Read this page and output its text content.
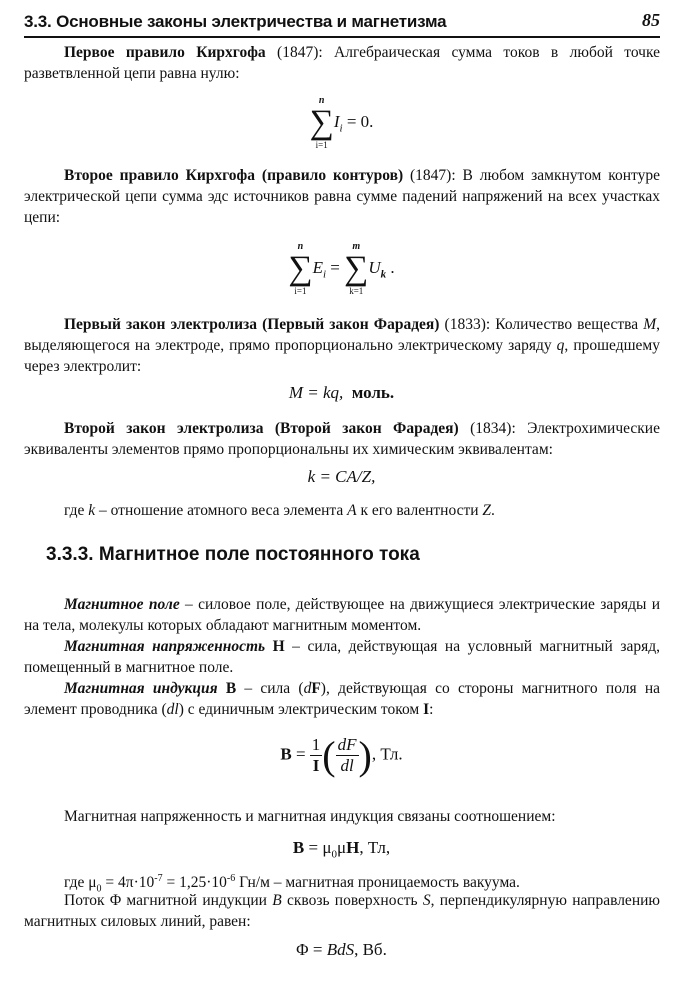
3.3. Основные законы электричества и магнетизма	85
Первое правило Кирхгофа (1847): Алгебраическая сумма токов в любой точке разветвленной цепи равна нулю:
n
∑
i=1
$I_i = 0$.
Второе правило Кирхгофа (правило контуров) (1847): В любом замкнутом контуре электрической цепи сумма эдс источников равна сумме падений напряжений на всех участках цепи:
n
∑
i=1
$E_i$ =
m
∑
k=1
$U_k$ .
Первый закон электролиза (Первый закон Фарадея) (1833): Количество вещества M, выделяющегося на электроде, прямо пропорционально электрическому заряду q, прошедшему через электролит:
M = kq, моль.
Второй закон электролиза (Второй закон Фарадея) (1834): Электрохимические эквиваленты элементов прямо пропорциональны их химическим эквивалентам:
k = CA/Z,
где k – отношение атомного веса элемента A к его валентности Z.
3.3.3. Магнитное поле постоянного тока
Магнитное поле – силовое поле, действующее на движущиеся электрические заряды и на тела, молекулы которых обладают магнитным моментом.
Магнитная напряженность H – сила, действующая на условный магнитный заряд, помещенный в магнитное поле.
Магнитная индукция B – сила (dF), действующая со стороны магнитного поля на элемент проводника (dl) с единичным электрическим током I:
$B = \frac{1}{I}$ ( $\frac{dF}{dl}$ ), Тл.
Магнитная напряженность и магнитная индукция связаны соотношением:
$B = \mu_0\mu H$, Тл,
где $\mu_0 = 4\pi\cdot 10^{-7} = 1,25\cdot 10^{-6}$ Гн/м – магнитная проницаемость вакуума.
Поток Φ магнитной индукции B сквозь поверхность S, перпендикулярную направлению магнитных силовых линий, равен:
Φ = BdS, Вб.
